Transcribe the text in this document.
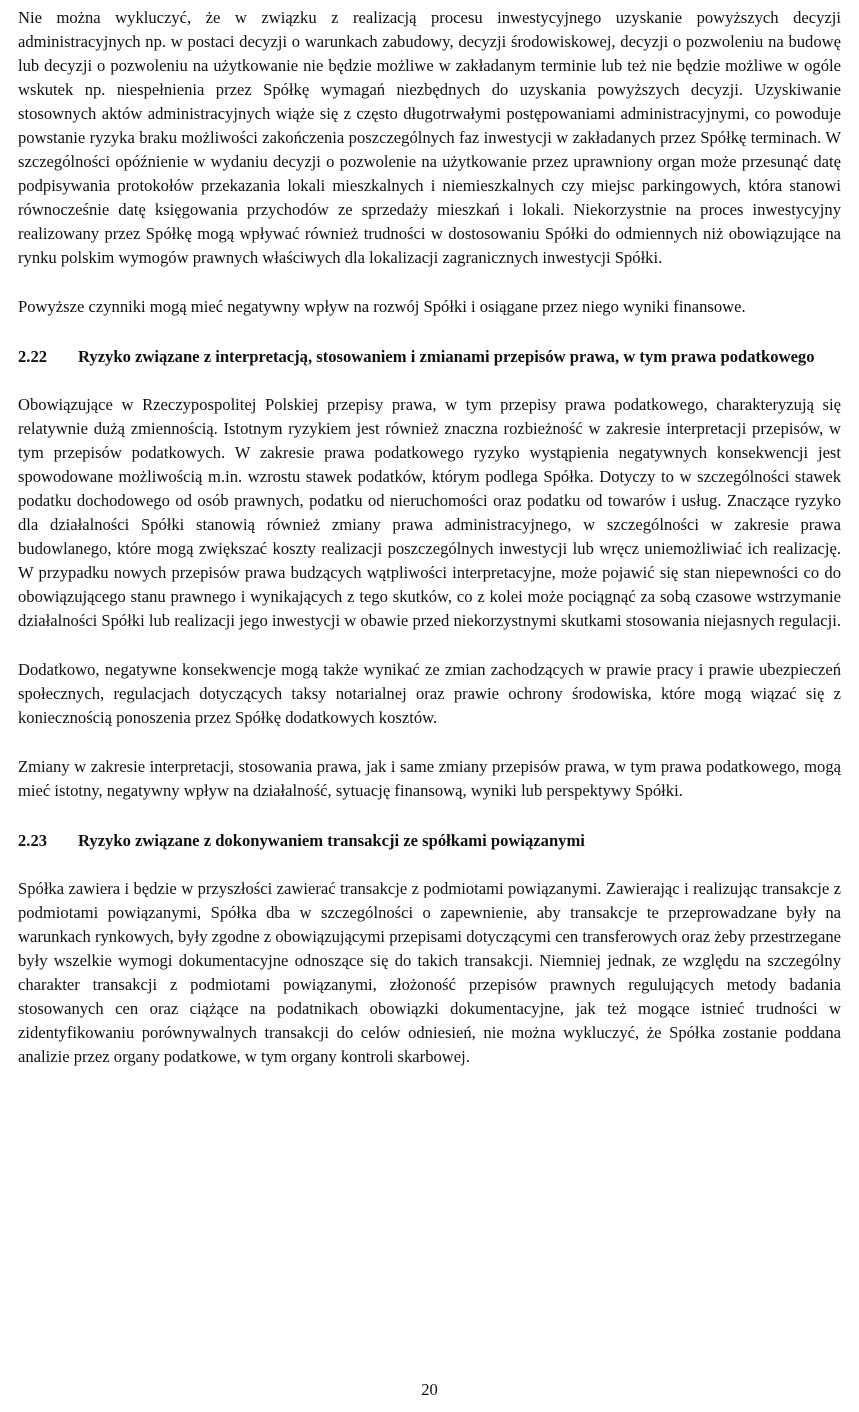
Nie można wykluczyć, że w związku z realizacją procesu inwestycyjnego uzyskanie powyższych decyzji administracyjnych np. w postaci decyzji o warunkach zabudowy, decyzji środowiskowej, decyzji o pozwoleniu na budowę lub decyzji o pozwoleniu na użytkowanie nie będzie możliwe w zakładanym terminie lub też nie będzie możliwe w ogóle wskutek np. niespełnienia przez Spółkę wymagań niezbędnych do uzyskania powyższych decyzji. Uzyskiwanie stosownych aktów administracyjnych wiąże się z często długotrwałymi postępowaniami administracyjnymi, co powoduje powstanie ryzyka braku możliwości zakończenia poszczególnych faz inwestycji w zakładanych przez Spółkę terminach. W szczególności opóźnienie w wydaniu decyzji o pozwolenie na użytkowanie przez uprawniony organ może przesunąć datę podpisywania protokołów przekazania lokali mieszkalnych i niemieszkalnych czy miejsc parkingowych, która stanowi równocześnie datę księgowania przychodów ze sprzedaży mieszkań i lokali. Niekorzystnie na proces inwestycyjny realizowany przez Spółkę mogą wpływać również trudności w dostosowaniu Spółki do odmiennych niż obowiązujące na rynku polskim wymogów prawnych właściwych dla lokalizacji zagranicznych inwestycji Spółki.

Powyższe czynniki mogą mieć negatywny wpływ na rozwój Spółki i osiągane przez niego wyniki finansowe.

2.22	Ryzyko związane z interpretacją, stosowaniem i zmianami przepisów prawa, w tym prawa podatkowego

Obowiązujące w Rzeczypospolitej Polskiej przepisy prawa, w tym przepisy prawa podatkowego, charakteryzują się relatywnie dużą zmiennością. Istotnym ryzykiem jest również znaczna rozbieżność w zakresie interpretacji przepisów, w tym przepisów podatkowych. W zakresie prawa podatkowego ryzyko wystąpienia negatywnych konsekwencji jest spowodowane możliwością m.in. wzrostu stawek podatków, którym podlega Spółka. Dotyczy to w szczególności stawek podatku dochodowego od osób prawnych, podatku od nieruchomości oraz podatku od towarów i usług. Znaczące ryzyko dla działalności Spółki stanowią również zmiany prawa administracyjnego, w szczególności w zakresie prawa budowlanego, które mogą zwiększać koszty realizacji poszczególnych inwestycji lub wręcz uniemożliwiać ich realizację. W przypadku nowych przepisów prawa budzących wątpliwości interpretacyjne, może pojawić się stan niepewności co do obowiązującego stanu prawnego i wynikających z tego skutków, co z kolei może pociągnąć za sobą czasowe wstrzymanie działalności Spółki lub realizacji jego inwestycji w obawie przed niekorzystnymi skutkami stosowania niejasnych regulacji.

Dodatkowo, negatywne konsekwencje mogą także wynikać ze zmian zachodzących w prawie pracy i prawie ubezpieczeń społecznych, regulacjach dotyczących taksy notarialnej oraz prawie ochrony środowiska, które mogą wiązać się z koniecznością ponoszenia przez Spółkę dodatkowych kosztów.

Zmiany w zakresie interpretacji, stosowania prawa, jak i same zmiany przepisów prawa, w tym prawa podatkowego, mogą mieć istotny, negatywny wpływ na działalność, sytuację finansową, wyniki lub perspektywy Spółki.

2.23	Ryzyko związane z dokonywaniem transakcji ze spółkami powiązanymi

Spółka zawiera i będzie w przyszłości zawierać transakcje z podmiotami powiązanymi. Zawierając i realizując transakcje z podmiotami powiązanymi, Spółka dba w szczególności o zapewnienie, aby transakcje te przeprowadzane były na warunkach rynkowych, były zgodne z obowiązującymi przepisami dotyczącymi cen transferowych oraz żeby przestrzegane były wszelkie wymogi dokumentacyjne odnoszące się do takich transakcji. Niemniej jednak, ze względu na szczególny charakter transakcji z podmiotami powiązanymi, złożoność przepisów prawnych regulujących metody badania stosowanych cen oraz ciążące na podatnikach obowiązki dokumentacyjne, jak też mogące istnieć trudności w zidentyfikowaniu porównywalnych transakcji do celów odniesień, nie można wykluczyć, że Spółka zostanie poddana analizie przez organy podatkowe, w tym organy kontroli skarbowej.

20
